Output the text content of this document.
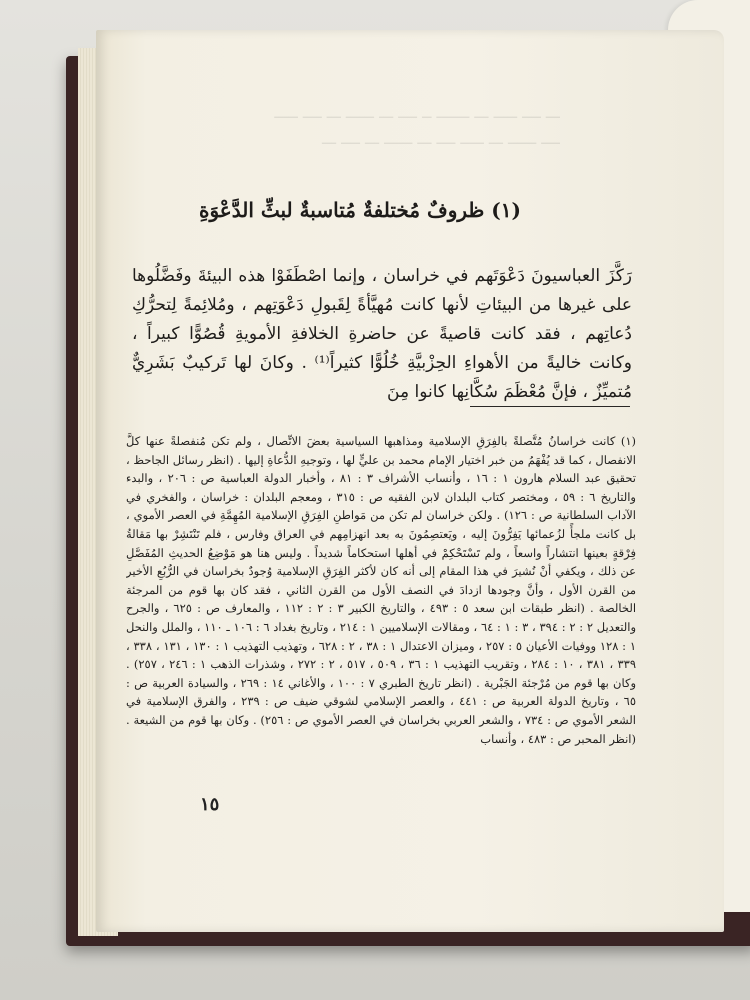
ـــ ــــ ـــــ ـــ ـــــــ ــ ــــ ـــ ــــــ ـــ ــــ ـــــ
ــــ ــــــ ـــ ـــــ ــــ ـــ ــــــ ـــ ــــ ـــ
(١) ظروفٌ مُختلفةٌ مُتاسبةٌ لبثِّ الدَّعْوَةِ
رَكَّزَ العباسيونَ دَعْوَتَهم في خراسان ، وإنما اصْطَفَوْا هذه البيئةَ وفَضَّلُوها على غيرها من البيئاتِ لأنها كانت مُهيَّأةً لِقَبولِ دَعْوَتِهم ، ومُلائِمةً لِتحرُّكِ دُعاتِهم ، فقد كانت قاصيةً عن حاضرةِ الخلافةِ الأمويةِ قُصُوًّا كبيراً ، وكانت خاليةً من الأهواءِ الحِزْبيَّةِ خُلُوًّا كثيراً⁽¹⁾ . وكانَ لها تَركيبٌ بَشَرِيٌّ مُتميِّزٌ ، فإنَّ مُعْظَمَ سُكَّانِها كانوا مِنَ
(١) كانت خراسانُ مُتَّصلةً بالفِرَقِ الإسلامية ومذاهبها السياسية بعضَ الاتِّصال ، ولم تكن مُنفصلةً عنها كلَّ الانفصال ، كما قد يُفْهَمُ من خبر اختيار الإمام محمد بن عليٍّ لها ، وتوجيهِ الدُّعاةِ إليها . (انظر رسائل الجاحظ ، تحقيق عبد السلام هارون ١ : ١٦ ، وأنساب الأشراف ٣ : ٨١ ، وأخبار الدولة العباسية ص : ٢٠٦ ، والبدء والتاريخ ٦ : ٥٩ ، ومختصر كتاب البلدان لابن الفقيه ص : ٣١٥ ، ومعجم البلدان : خراسان ، والفخري في الآداب السلطانية ص : ١٢٦) . ولكن خراسان لم تكن من مَواطنِ الفِرَقِ الإسلامية المُهِمَّةِ في العصر الأموي ، بل كانت ملجأً لزُعمائها يَفِرُّونَ إليه ، ويَعتصِمُونَ به بعد انهزامِهم في العراق وفارس ، فلم تَنْتَشِرْ بها مَقالةُ فِرْقةٍ بعينها انتشاراً واسعاً ، ولم تَسْتَحْكِمْ في أهلها استحكاماً شديداً . وليس هنا هو مَوْضِعُ الحديثِ المُفَصَّلِ عن ذلك ، ويكفي أنْ نُشيرَ في هذا المقام إلى أنه كان لأكثر الفِرَقِ الإسلامية وُجودٌ بخراسان في الرُّبُعِ الأخير من القرن الأول ، وأنَّ وجودها ازدادَ في النصف الأول من القرن الثاني ، فقد كان بها قوم من المرجئة الخالصة . (انظر طبقات ابن سعد ٥ : ٤٩٣ ، والتاريخ الكبير ٣ : ٢ : ١١٢ ، والمعارف ص : ٦٢٥ ، والجرح والتعديل ٢ : ٢ : ٣٩٤ ، ٣ : ١ : ٦٤ ، ومقالات الإسلاميين ١ : ٢١٤ ، وتاريخ بغداد ٦ : ١٠٦ ـ ١١٠ ، والملل والنحل ١ : ١٢٨ ووفيات الأعيان ٥ : ٢٥٧ ، وميزان الاعتدال ١ : ٣٨ ، ٢ : ٦٢٨ ، وتهذيب التهذيب ١ : ١٣٠ ، ١٣١ ، ٣٣٨ ، ٣٣٩ ، ٣٨١ ، ١٠ : ٢٨٤ ، وتقريب التهذيب ١ : ٣٦ ، ٥٠٩ ، ٥١٧ ، ٢ : ٢٧٢ ، وشذرات الذهب ١ : ٢٤٦ ، ٢٥٧) . وكان بها قوم من مُرْجئة الجَبْرية . (انظر تاريخ الطبري ٧ : ١٠٠ ، والأغاني ١٤ : ٢٦٩ ، والسيادة العربية ص : ٦٥ ، وتاريخ الدولة العربية ص : ٤٤١ ، والعصر الإسلامي لشوقي ضيف ص : ٢٣٩ ، والفرق الإسلامية في الشعر الأموي ص : ٧٣٤ ، والشعر العربي بخراسان في العصر الأموي ص : ٢٥٦) . وكان بها قوم من الشيعة . (انظر المحبر ص : ٤٨٣ ، وأنساب
١٥
